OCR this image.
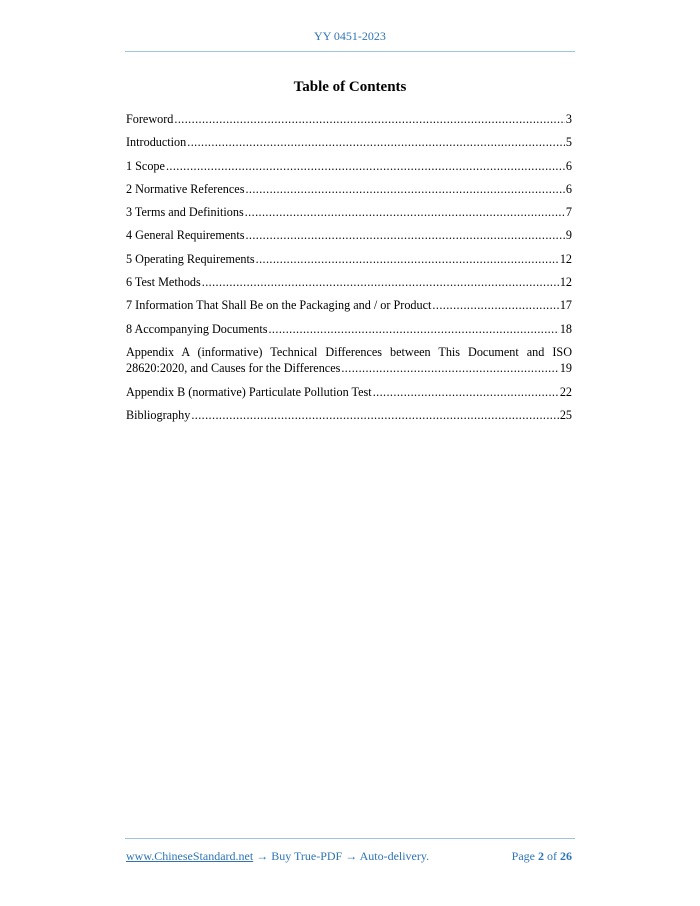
YY 0451-2023
Table of Contents
Foreword .....	3
Introduction .....	5
1 Scope .....	6
2 Normative References .....	6
3 Terms and Definitions .....	7
4 General Requirements .....	9
5 Operating Requirements .....	12
6 Test Methods .....	12
7 Information That Shall Be on the Packaging and / or Product .....	17
8 Accompanying Documents .....	18
Appendix A (informative) Technical Differences between This Document and ISO
28620:2020, and Causes for the Differences .....	19
Appendix B (normative) Particulate Pollution Test .....	22
Bibliography .....	25
www.ChineseStandard.net → Buy True-PDF → Auto-delivery.	Page 2 of 26
